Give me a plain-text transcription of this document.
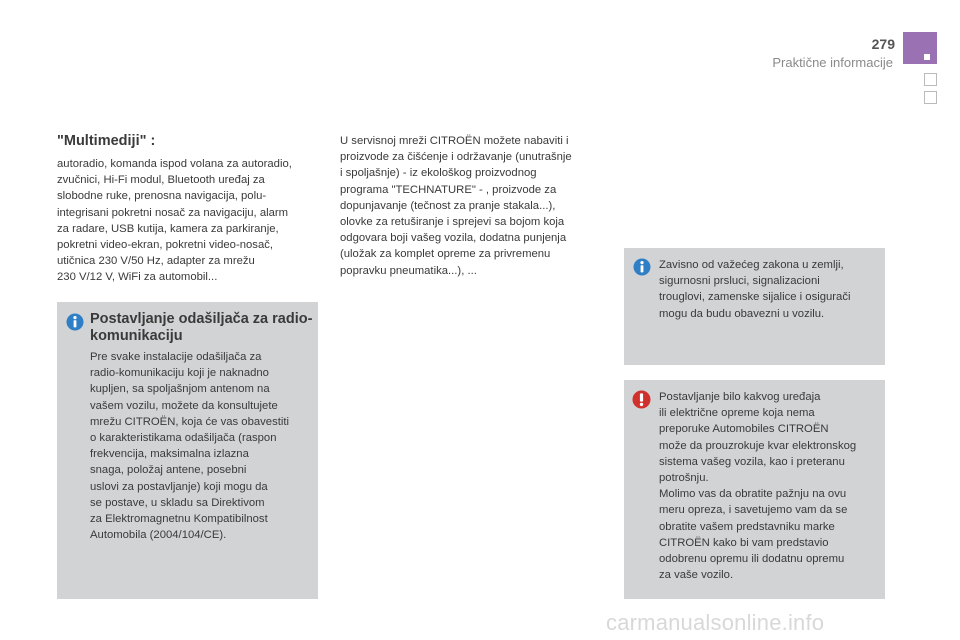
279
Praktične informacije
"Multimediji" :
autoradio, komanda ispod volana za autoradio,
zvučnici, Hi-Fi modul, Bluetooth uređaj za
slobodne ruke, prenosna navigacija, polu-
integrisani pokretni nosač za navigaciju, alarm
za radare, USB kutija, kamera za parkiranje,
pokretni video-ekran, pokretni video-nosač,
utičnica 230 V/50 Hz, adapter za mrežu
230 V/12 V, WiFi za automobil...
Postavljanje odašiljača za radio-komunikaciju
Pre svake instalacije odašiljača za
radio-komunikaciju koji je naknadno
kupljen, sa spoljašnjom antenom na
vašem vozilu, možete da konsultujete
mrežu CITROËN, koja će vas obavestiti
o karakteristikama odašiljača (raspon
frekvencija, maksimalna izlazna
snaga, položaj antene, posebni
uslovi za postavljanje) koji mogu da
se postave, u skladu sa Direktivom
za Elektromagnetnu Kompatibilnost
Automobila (2004/104/CE).
U servisnoj mreži CITROËN možete nabaviti i
proizvode za čišćenje i održavanje (unutrašnje
i spoljašnje) - iz ekološkog proizvodnog
programa "TECHNATURE" - , proizvode za
dopunjavanje (tečnost za pranje stakala...),
olovke za retuširanje i sprejevi sa bojom koja
odgovara boji vašeg vozila, dodatna punjenja
(uložak za komplet opreme za privremenu
popravku pneumatika...), ...	Zavisno od važećeg zakona u zemlji,
sigurnosni prsluci, signalizacioni
trouglovi, zamenske sijalice i osigurači
mogu da budu obavezni u vozilu.
Postavljanje bilo kakvog uređaja
ili električne opreme koja nema
preporuke Automobiles CITROËN
može da prouzrokuje kvar elektronskog
sistema vašeg vozila, kao i preteranu
potrošnju.
Molimo vas da obratite pažnju na ovu
meru opreza, i savetujemo vam da se
obratite vašem predstavniku marke
CITROËN kako bi vam predstavio
odobrenu opremu ili dodatnu opremu
za vaše vozilo.
carmanualsonline.info
